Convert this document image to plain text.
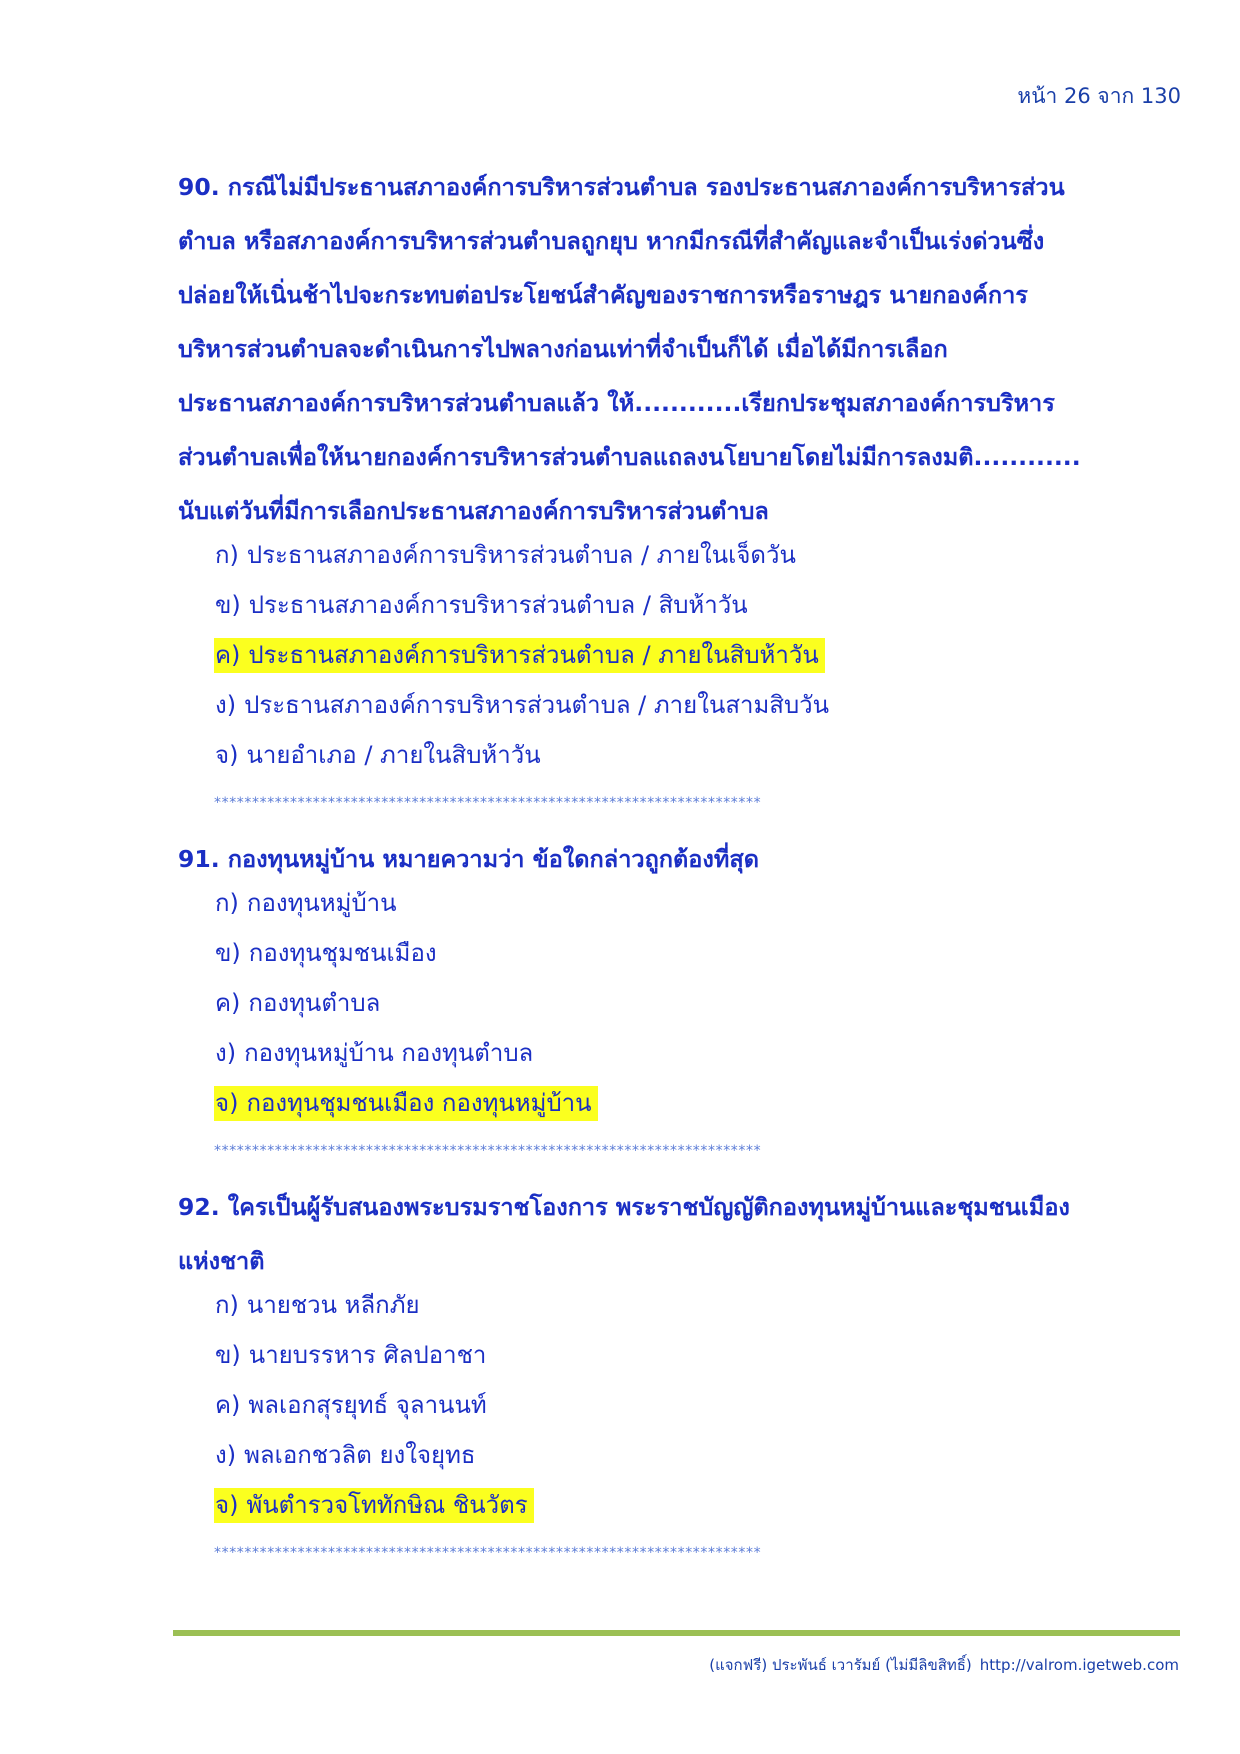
หน้า 26 จาก 130
90. กรณีไม่มีประธานสภาองค์การบริหารส่วนตำบล รองประธานสภาองค์การบริหารส่วน
ตำบล หรือสภาองค์การบริหารส่วนตำบลถูกยุบ หากมีกรณีที่สำคัญและจำเป็นเร่งด่วนซึ่ง
ปล่อยให้เนิ่นช้าไปจะกระทบต่อประโยชน์สำคัญของราชการหรือราษฎร นายกองค์การ
บริหารส่วนตำบลจะดำเนินการไปพลางก่อนเท่าที่จำเป็นก็ได้ เมื่อได้มีการเลือก
ประธานสภาองค์การบริหารส่วนตำบลแล้ว ให้............เรียกประชุมสภาองค์การบริหาร
ส่วนตำบลเพื่อให้นายกองค์การบริหารส่วนตำบลแถลงนโยบายโดยไม่มีการลงมติ............
นับแต่วันที่มีการเลือกประธานสภาองค์การบริหารส่วนตำบล
ก) ประธานสภาองค์การบริหารส่วนตำบล / ภายในเจ็ดวัน
ข) ประธานสภาองค์การบริหารส่วนตำบล / สิบห้าวัน
ค) ประธานสภาองค์การบริหารส่วนตำบล / ภายในสิบห้าวัน
ง) ประธานสภาองค์การบริหารส่วนตำบล / ภายในสามสิบวัน
จ) นายอำเภอ / ภายในสิบห้าวัน
************************************************************************
91. กองทุนหมู่บ้าน หมายความว่า ข้อใดกล่าวถูกต้องที่สุด
ก) กองทุนหมู่บ้าน
ข) กองทุนชุมชนเมือง
ค) กองทุนตำบล
ง) กองทุนหมู่บ้าน กองทุนตำบล
จ) กองทุนชุมชนเมือง กองทุนหมู่บ้าน
************************************************************************
92. ใครเป็นผู้รับสนองพระบรมราชโองการ พระราชบัญญัติกองทุนหมู่บ้านและชุมชนเมือง
แห่งชาติ
ก) นายชวน หลีกภัย
ข) นายบรรหาร ศิลปอาชา
ค) พลเอกสุรยุทธ์ จุลานนท์
ง) พลเอกชวลิต ยงใจยุทธ
จ) พันตำรวจโททักษิณ ชินวัตร
************************************************************************
(แจกฟรี) ประพันธ์ เวารัมย์ (ไม่มีลิขสิทธิ์) http://valrom.igetweb.com
